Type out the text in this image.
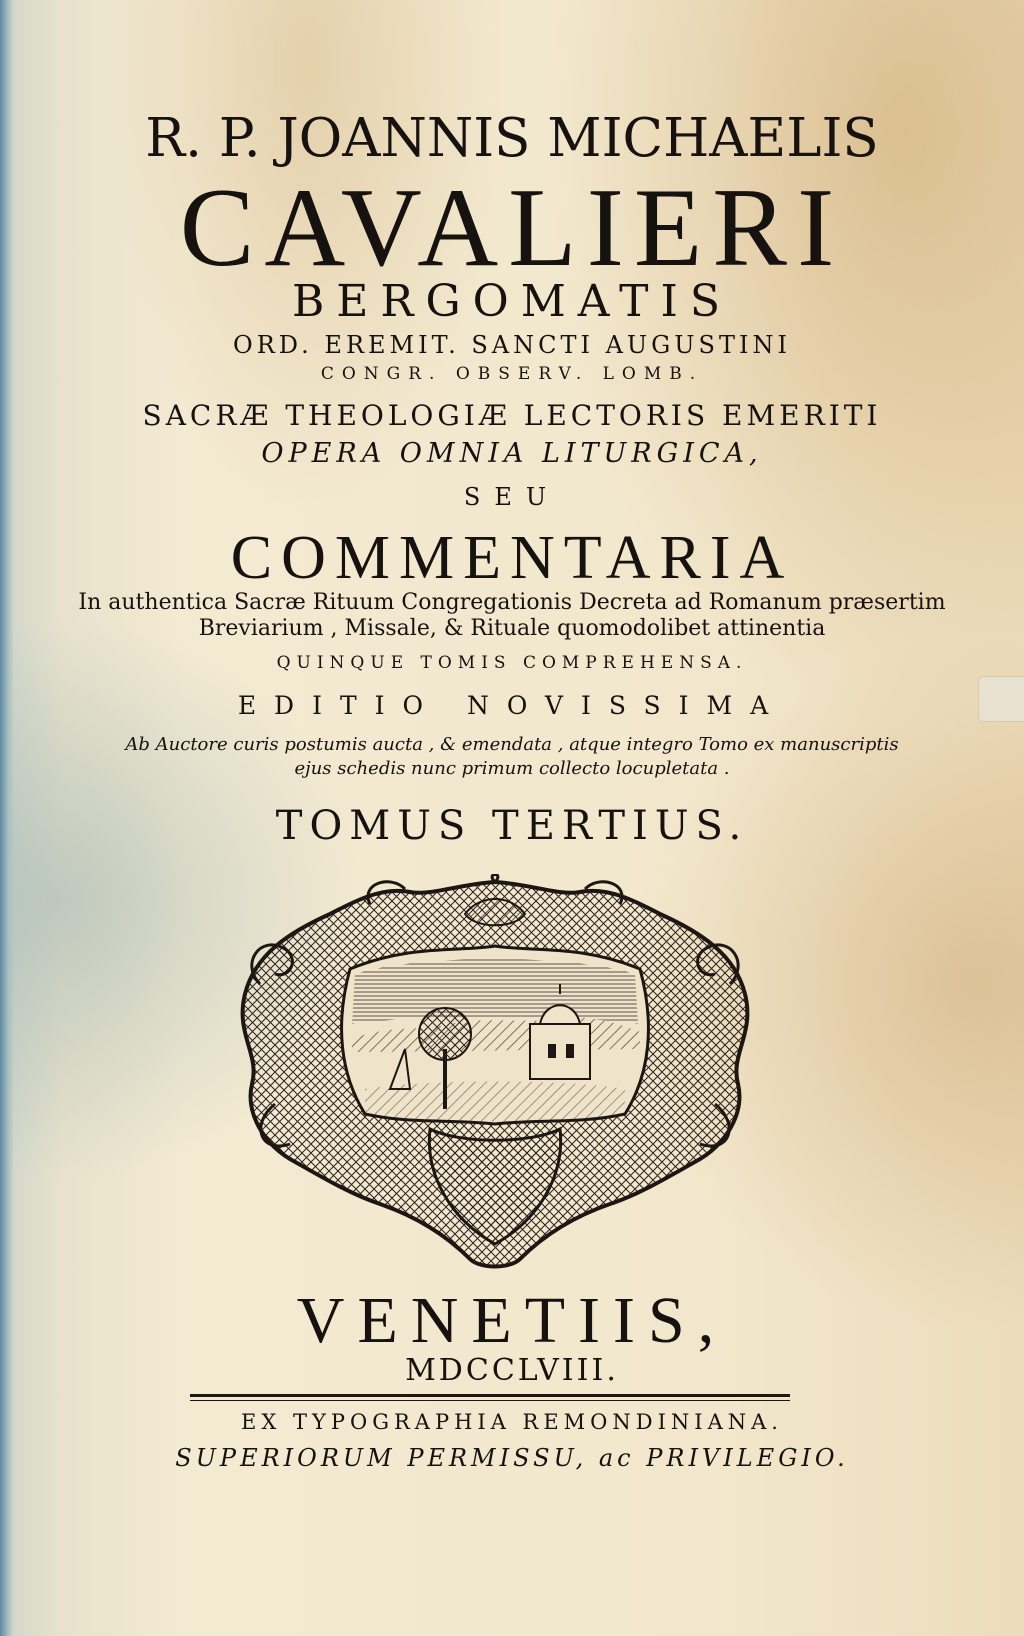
R. P. JOANNIS MICHAELIS
CAVALIERI
BERGOMATIS
ORD. EREMIT. SANCTI AUGUSTINI
CONGR. OBSERV. LOMB.
SACRÆ THEOLOGIÆ LECTORIS EMERITI
OPERA OMNIA LITURGICA,
SEU
COMMENTARIA
In authentica Sacræ Rituum Congregationis Decreta ad Romanum præsertim
Breviarium , Missale, & Rituale quomodolibet attinentia
QUINQUE TOMIS COMPREHENSA.
EDITIO NOVISSIMA
Ab Auctore curis postumis aucta , & emendata , atque integro Tomo ex manuscriptis
ejus schedis nunc primum collecto locupletata .
TOMUS TERTIUS.
VENETIIS,
MDCCLVIII.
EX TYPOGRAPHIA REMONDINIANA.
SUPERIORUM PERMISSU, ac PRIVILEGIO.
